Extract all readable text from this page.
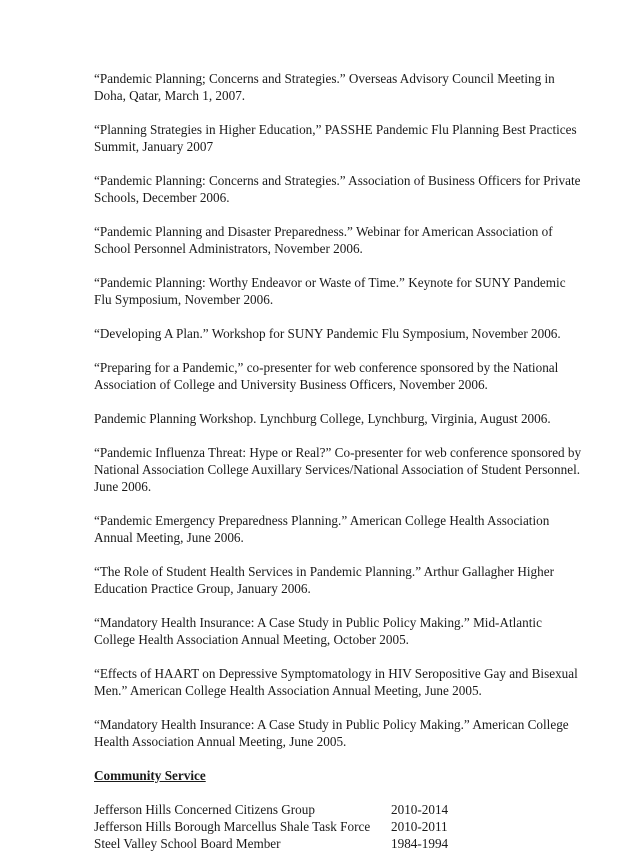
“Pandemic Planning; Concerns and Strategies.” Overseas Advisory Council Meeting in Doha, Qatar, March 1, 2007.

“Planning Strategies in Higher Education,” PASSHE Pandemic Flu Planning Best Practices Summit, January 2007

“Pandemic Planning: Concerns and Strategies.” Association of Business Officers for Private Schools, December 2006.

“Pandemic Planning and Disaster Preparedness.” Webinar for American Association of School Personnel Administrators, November 2006.

“Pandemic Planning: Worthy Endeavor or Waste of Time.” Keynote for SUNY Pandemic Flu Symposium, November 2006.

“Developing A Plan.” Workshop for SUNY Pandemic Flu Symposium, November 2006.

“Preparing for a Pandemic,” co-presenter for web conference sponsored by the National Association of College and University Business Officers, November 2006.

Pandemic Planning Workshop. Lynchburg College, Lynchburg, Virginia, August 2006.

“Pandemic Influenza Threat: Hype or Real?” Co-presenter for web conference sponsored by National Association College Auxillary Services/National Association of Student Personnel. June 2006.

“Pandemic Emergency Preparedness Planning.” American College Health Association Annual Meeting, June 2006.

“The Role of Student Health Services in Pandemic Planning.” Arthur Gallagher Higher Education Practice Group, January 2006.

“Mandatory Health Insurance: A Case Study in Public Policy Making.” Mid-Atlantic College Health Association Annual Meeting, October 2005.

“Effects of HAART on Depressive Symptomatology in HIV Seropositive Gay and Bisexual Men.” American College Health Association Annual Meeting, June 2005.

“Mandatory Health Insurance: A Case Study in Public Policy Making.” American College Health Association Annual Meeting, June 2005.

Community Service

Jefferson Hills Concerned Citizens Group	2010-2014
Jefferson Hills Borough Marcellus Shale Task Force	2010-2011
Steel Valley School Board Member	1984-1994
